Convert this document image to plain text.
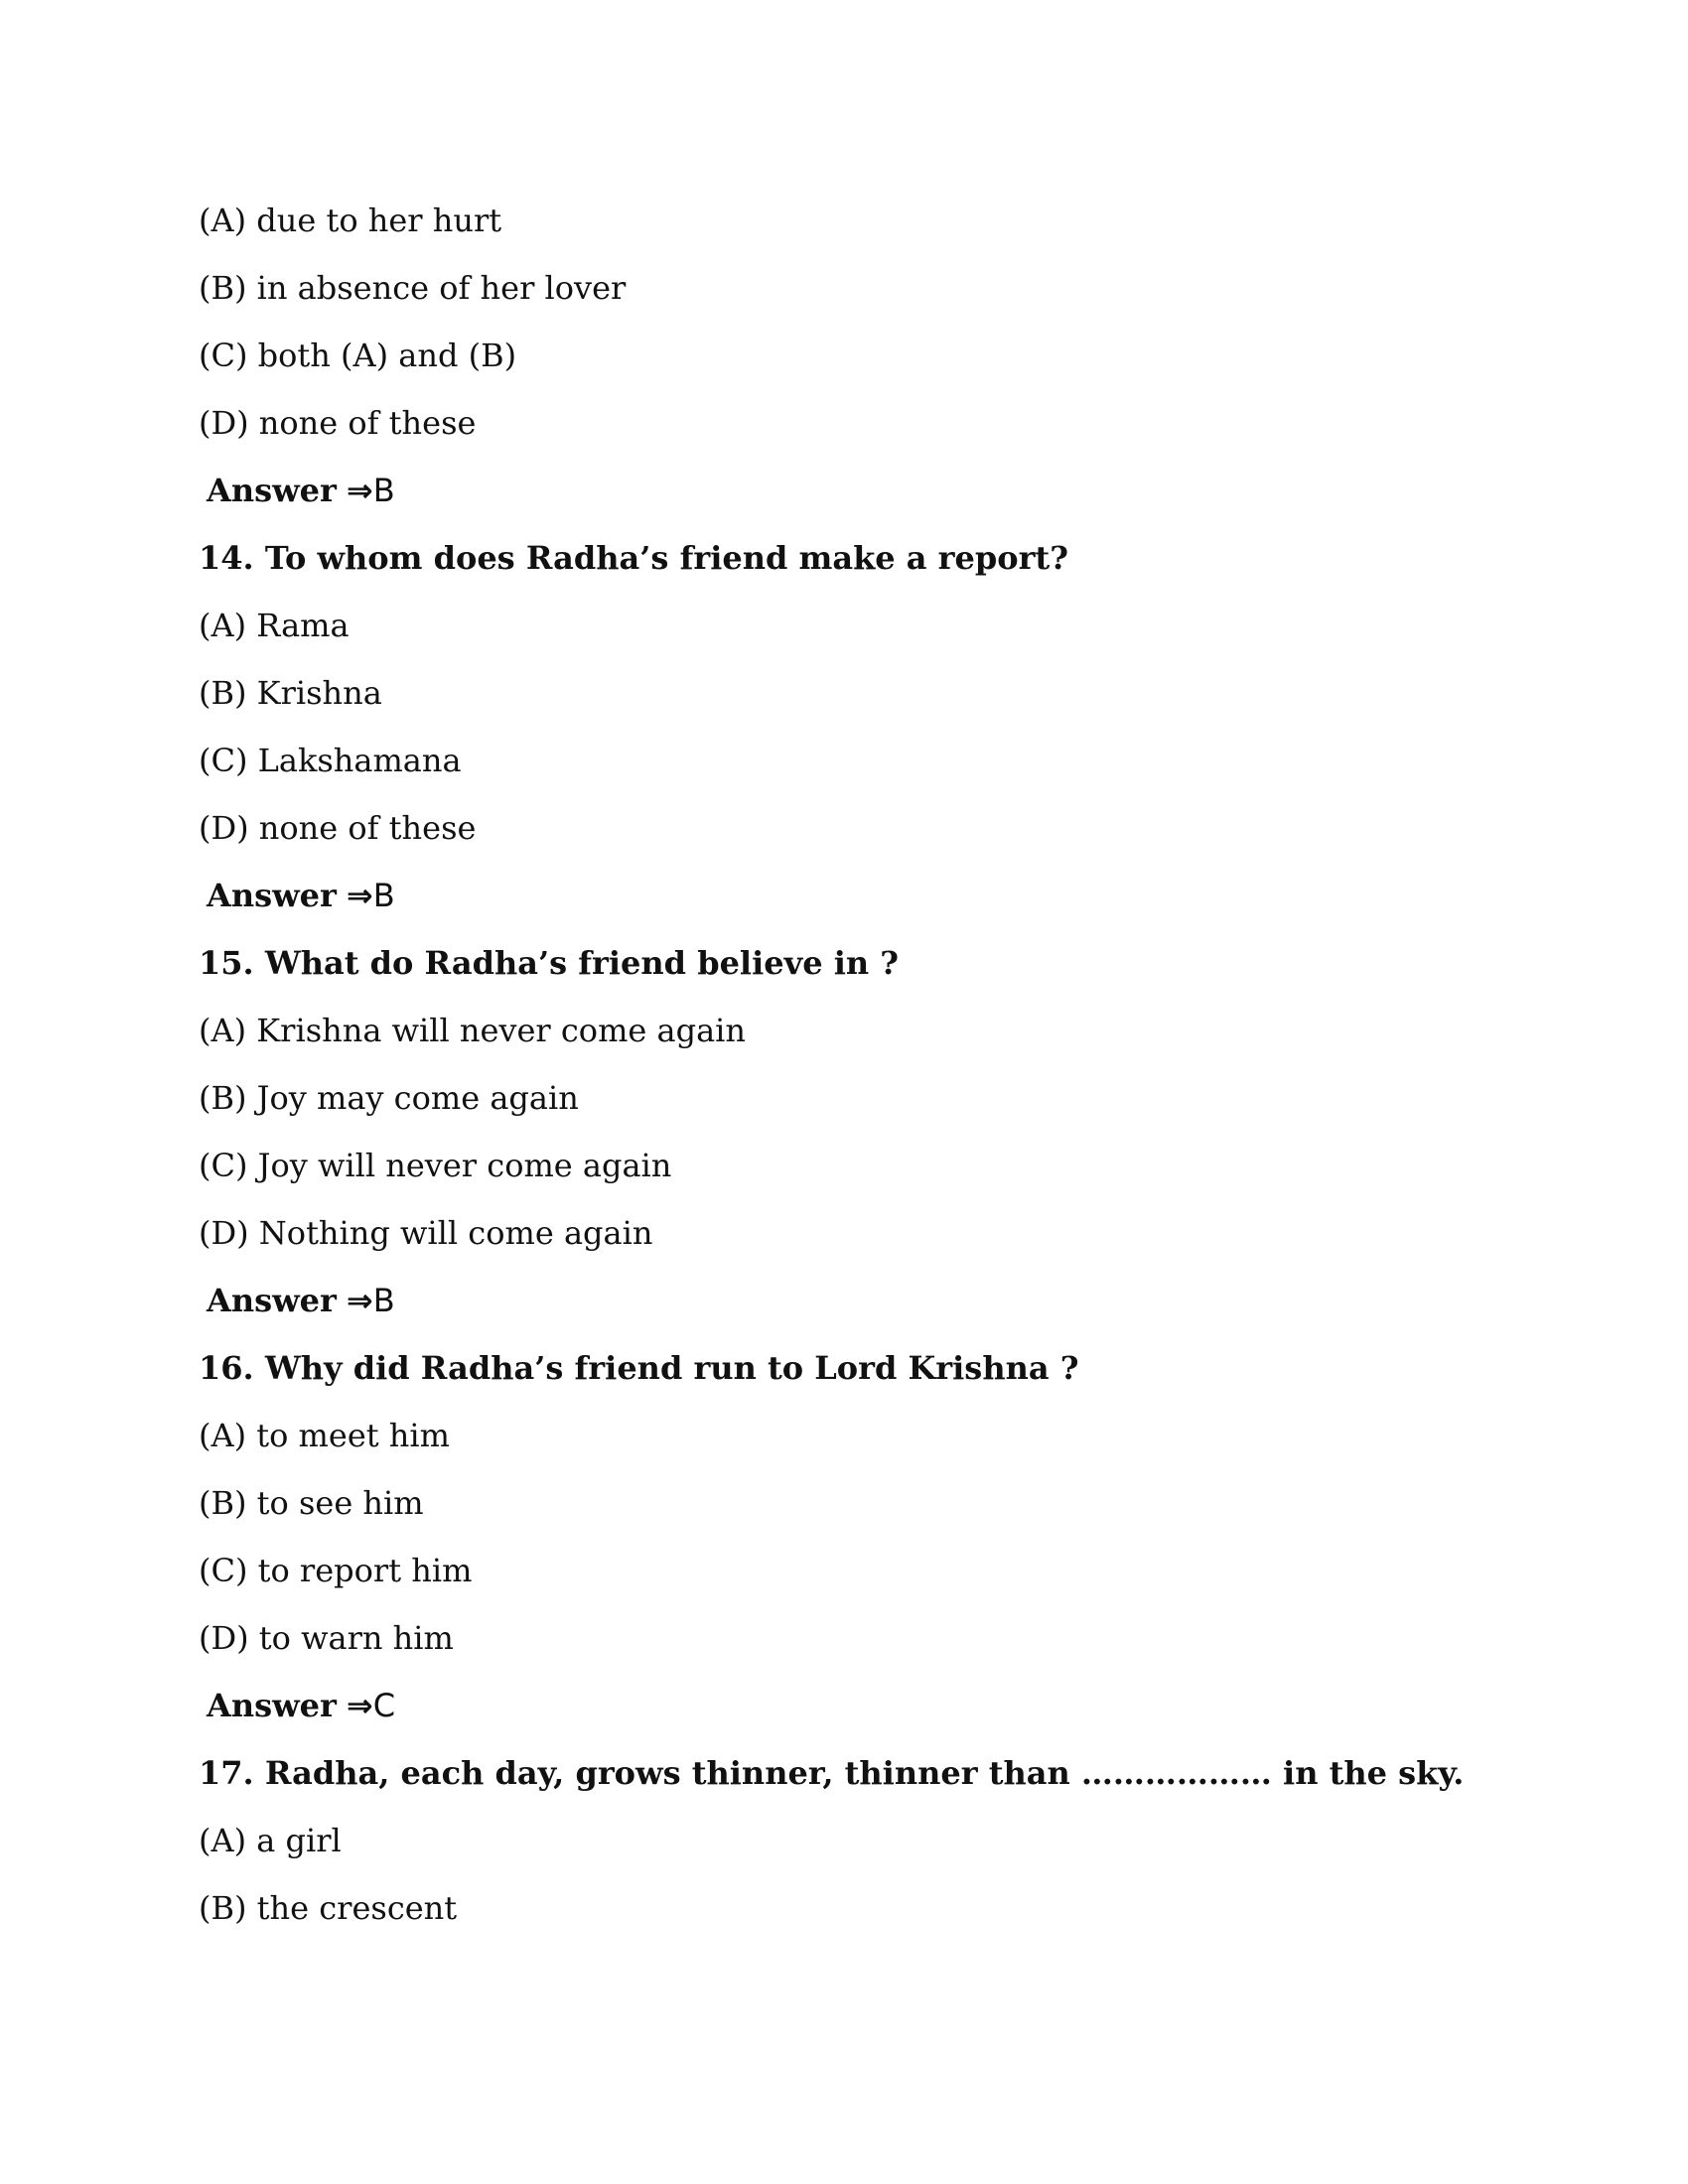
(A) due to her hurt
(B) in absence of her lover
(C) both (A) and (B)
(D) none of these
Answer ⇒B
14. To whom does Radha’s friend make a report?
(A) Rama
(B) Krishna
(C) Lakshamana
(D) none of these
Answer ⇒B
15. What do Radha’s friend believe in ?
(A) Krishna will never come again
(B) Joy may come again
(C) Joy will never come again
(D) Nothing will come again
Answer ⇒B
16. Why did Radha’s friend run to Lord Krishna ?
(A) to meet him
(B) to see him
(C) to report him
(D) to warn him
Answer ⇒C
17. Radha, each day, grows thinner, thinner than ……………… in the sky.
(A) a girl
(B) the crescent
